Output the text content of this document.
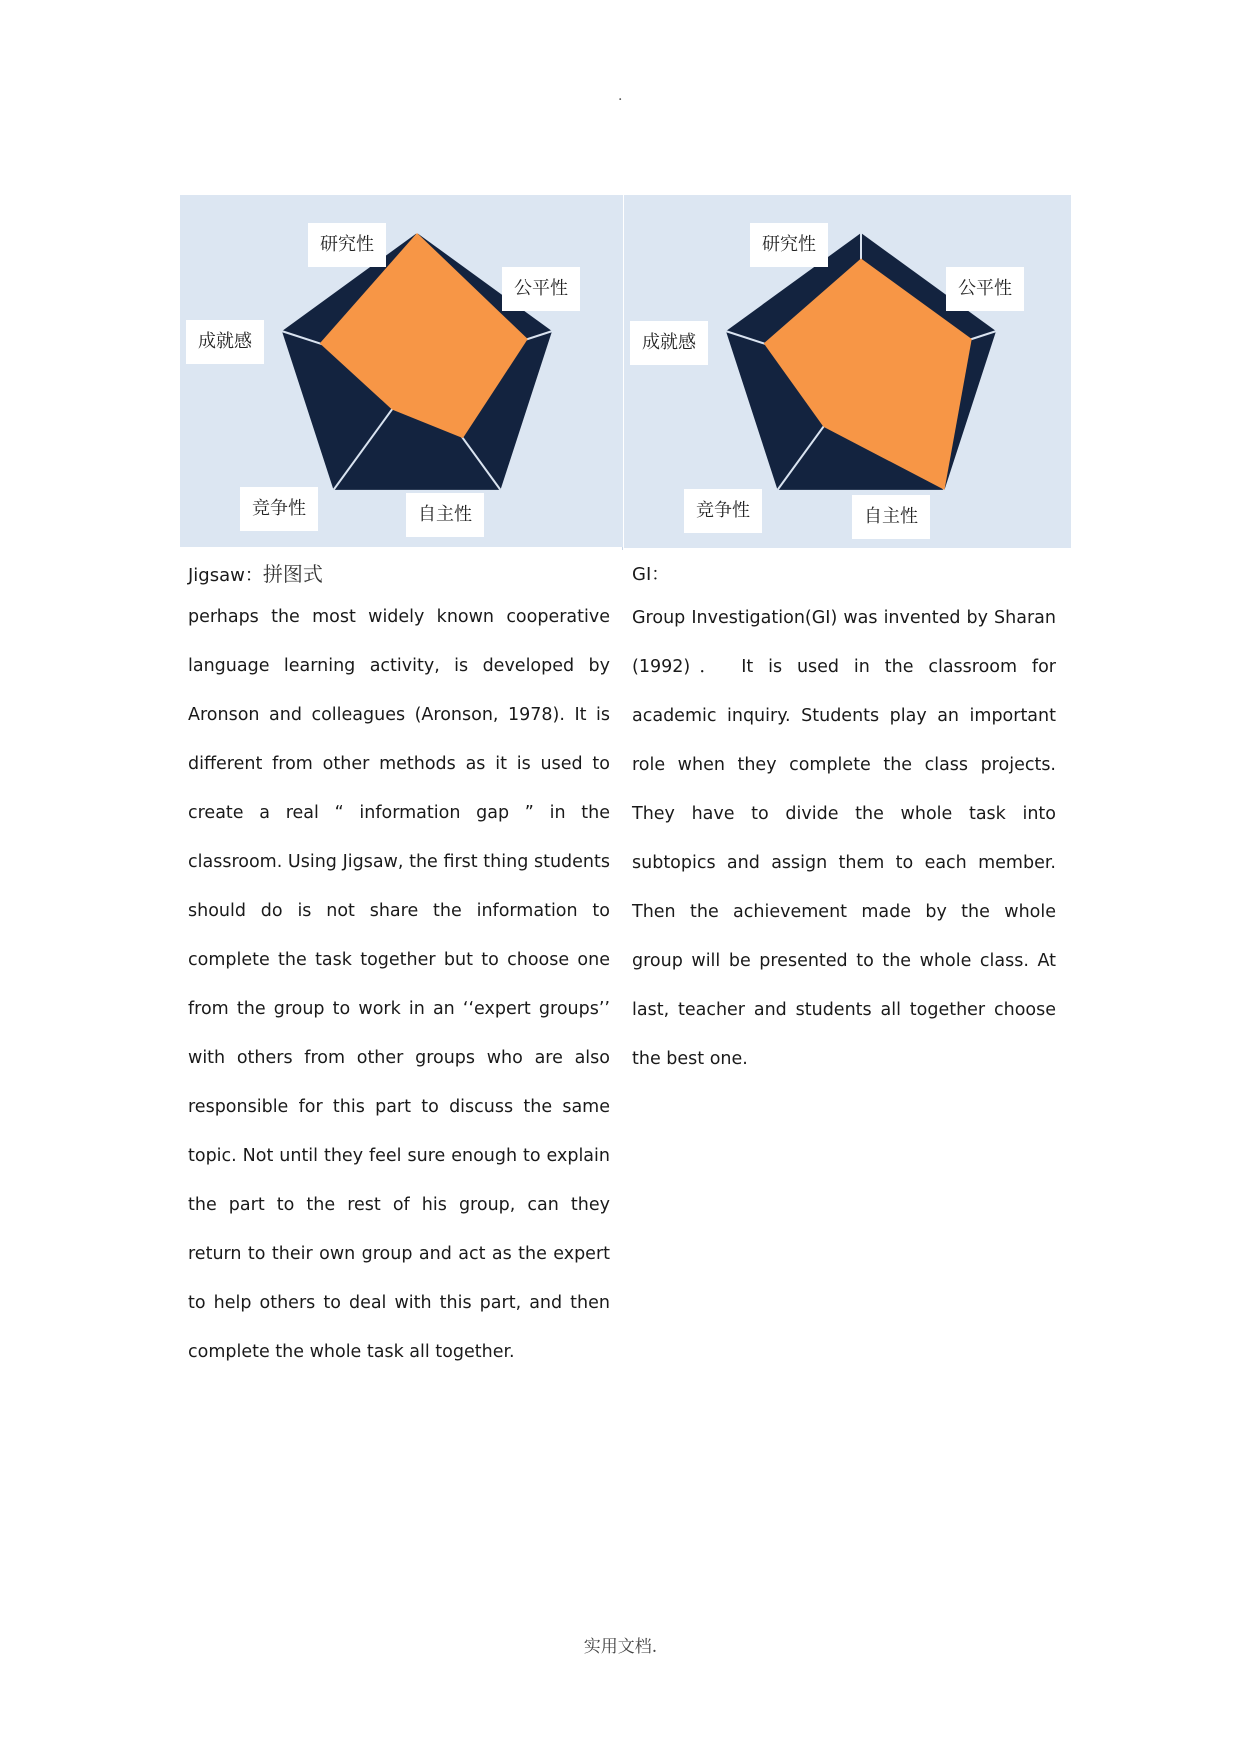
·
研究性
公平性
自主性
竞争性
成就感
Jigsaw：拼图式
perhaps the most widely known cooperative language learning activity, is developed by Aronson and colleagues (Aronson, 1978). It is different from other methods as it is used to create a real “ information gap ” in the classroom. Using Jigsaw, the first thing students should do is not share the information to complete the task together but to choose one from the group to work in an ‘‘expert groups’’ with others from other groups who are also responsible for this part to discuss the same topic. Not until they feel sure enough to explain the part to the rest of his group, can they return to their own group and act as the expert to help others to deal with this part, and then complete the whole task all together.
研究性
公平性
自主性
竞争性
成就感
GI：
Group Investigation(GI) was invented by Sharan (1992)． It is used in the classroom for academic inquiry. Students play an important role when they complete the class projects. They have to divide the whole task into subtopics and assign them to each member. Then the achievement made by the whole group will be presented to the whole class. At last, teacher and students all together choose the best one.
实用文档.
